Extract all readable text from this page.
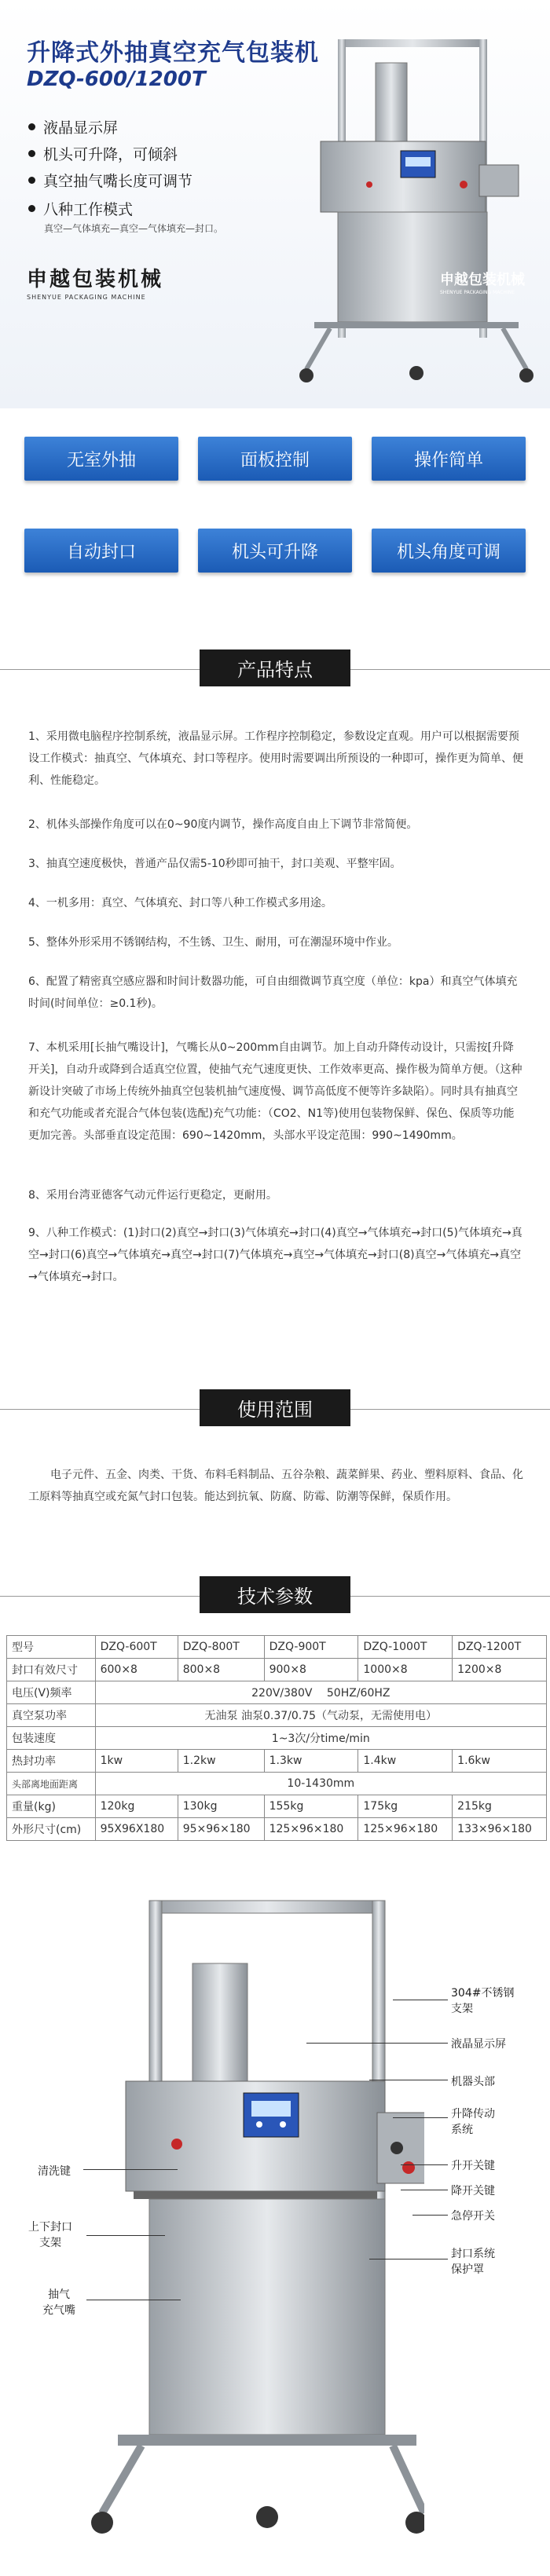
升降式外抽真空充气包装机
DZQ-600/1200T
液晶显示屏
机头可升降，可倾斜
真空抽气嘴长度可调节
八种工作模式
真空—气体填充—真空—气体填充—封口。
申越包装机械
SHENYUE PACKAGING MACHINE
申越包装机械
SHENYUE PACKAGING MACHINE
无室外抽	面板控制	操作简单
自动封口	机头可升降	机头角度可调
产品特点
1、采用微电脑程序控制系统，液晶显示屏。工作程序控制稳定，参数设定直观。用户可以根据需要预设工作模式：抽真空、气体填充、封口等程序。使用时需要调出所预设的一种即可，操作更为简单、便利、性能稳定。
2、机体头部操作角度可以在0~90度内调节，操作高度自由上下调节非常简便。
3、抽真空速度极快，普通产品仅需5-10秒即可抽干，封口美观、平整牢固。
4、一机多用：真空、气体填充、封口等八种工作模式多用途。
5、整体外形采用不锈钢结构，不生锈、卫生、耐用，可在潮湿环境中作业。
6、配置了精密真空感应器和时间计数器功能，可自由细微调节真空度（单位：kpa）和真空气体填充时间(时间单位：≥0.1秒)。
7、本机采用[长抽气嘴设计]，气嘴长从0~200mm自由调节。加上自动升降传动设计，只需按[升降开关]，自动升或降到合适真空位置，使抽气充气速度更快、工作效率更高、操作极为简单方便。（这种新设计突破了市场上传统外抽真空包装机抽气速度慢、调节高低度不便等许多缺陷）。同时具有抽真空和充气功能或者充混合气体包装(选配)充气功能：（CO2、N1等)使用包装物保鲜、保色、保质等功能更加完善。头部垂直设定范围：690~1420mm，头部水平设定范围：990~1490mm。
8、采用台湾亚德客气动元件运行更稳定，更耐用。
9、八种工作模式：(1)封口(2)真空→封口(3)气体填充→封口(4)真空→气体填充→封口(5)气体填充→真空→封口(6)真空→气体填充→真空→封口(7)气体填充→真空→气体填充→封口(8)真空→气体填充→真空→气体填充→封口。
使用范围
电子元件、五金、肉类、干货、布料毛料制品、五谷杂粮、蔬菜鲜果、药业、塑料原料、食品、化工原料等抽真空或充氮气封口包装。能达到抗氧、防腐、防霉、防潮等保鲜，保质作用。
技术参数
型号	DZQ-600T	DZQ-800T	DZQ-900T	DZQ-1000T	DZQ-1200T
封口有效尺寸	600×8	800×8	900×8	1000×8	1200×8
电压(V)频率	220V/380V　 50HZ/60HZ				
真空泵功率	无油泵 油泵0.37/0.75（气动泵，无需使用电）				
包装速度	1~3次/分time/min				
热封功率	1kw	1.2kw	1.3kw	1.4kw	1.6kw
头部离地面距离	10-1430mm				
重量(kg)	120kg	130kg	155kg	175kg	215kg
外形尺寸(cm)	95X96X180	95×96×180	125×96×180	125×96×180	133×96×180
304#不锈钢
支架
液晶显示屏
机器头部
升降传动
系统
升开关键
降开关键
急停开关
封口系统
保护罩
清洗键
上下封口
支架
抽气
充气嘴
